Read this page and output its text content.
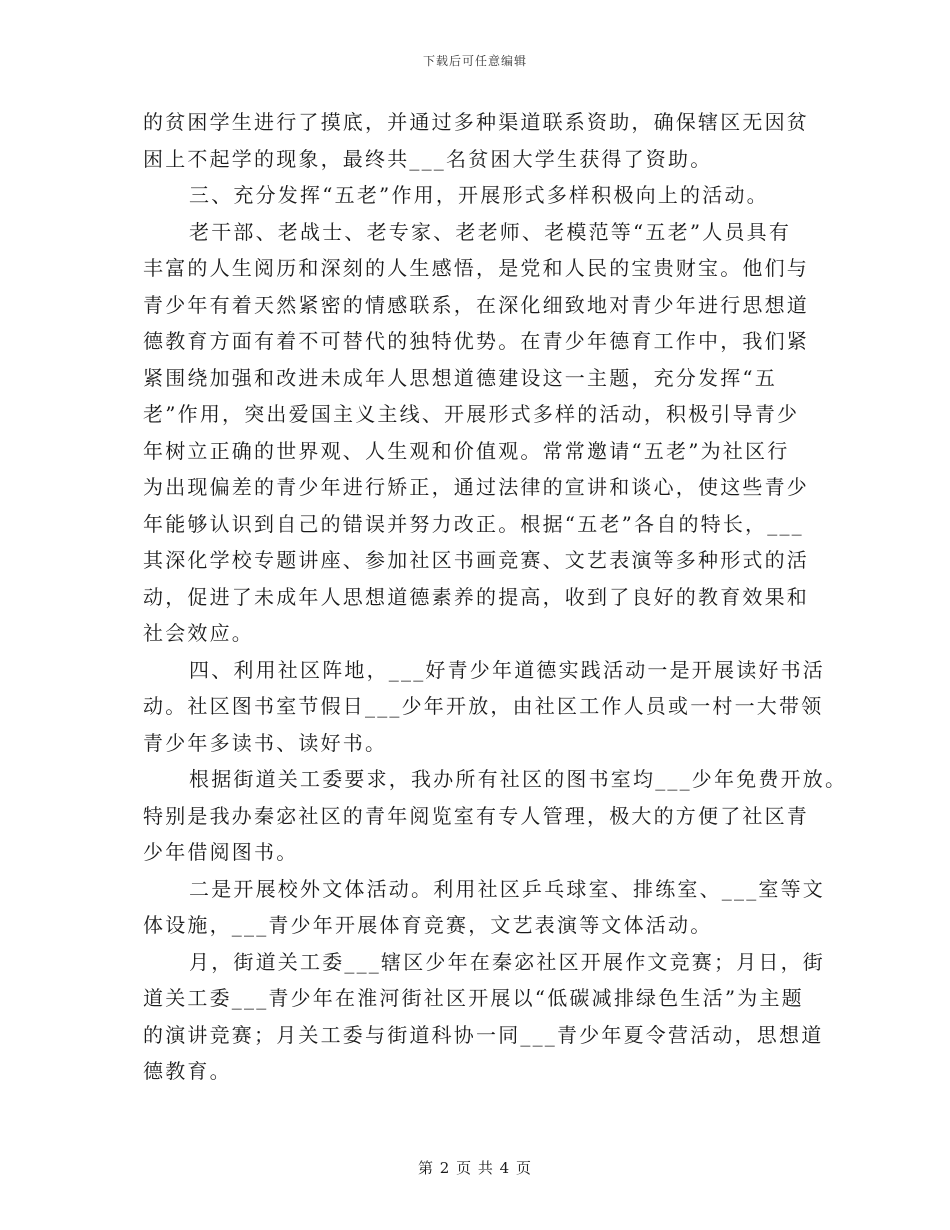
下载后可任意编辑
的贫困学生进行了摸底，并通过多种渠道联系资助，确保辖区无因贫
困上不起学的现象，最终共___名贫困大学生获得了资助。
三、充分发挥“五老”作用，开展形式多样积极向上的活动。
老干部、老战士、老专家、老老师、老模范等“五老”人员具有
丰富的人生阅历和深刻的人生感悟，是党和人民的宝贵财宝。他们与
青少年有着天然紧密的情感联系，在深化细致地对青少年进行思想道
德教育方面有着不可替代的独特优势。在青少年德育工作中，我们紧
紧围绕加强和改进未成年人思想道德建设这一主题，充分发挥“五
老”作用，突出爱国主义主线、开展形式多样的活动，积极引导青少
年树立正确的世界观、人生观和价值观。常常邀请“五老”为社区行
为出现偏差的青少年进行矫正，通过法律的宣讲和谈心，使这些青少
年能够认识到自己的错误并努力改正。根据“五老”各自的特长，___
其深化学校专题讲座、参加社区书画竞赛、文艺表演等多种形式的活
动，促进了未成年人思想道德素养的提高，收到了良好的教育效果和
社会效应。
四、利用社区阵地，___好青少年道德实践活动一是开展读好书活
动。社区图书室节假日___少年开放，由社区工作人员或一村一大带领
青少年多读书、读好书。
根据街道关工委要求，我办所有社区的图书室均___少年免费开放。
特别是我办秦宓社区的青年阅览室有专人管理，极大的方便了社区青
少年借阅图书。
二是开展校外文体活动。利用社区乒乓球室、排练室、___室等文
体设施，___青少年开展体育竞赛，文艺表演等文体活动。
月，街道关工委___辖区少年在秦宓社区开展作文竞赛；月日，街
道关工委___青少年在淮河街社区开展以“低碳减排绿色生活”为主题
的演讲竞赛；月关工委与街道科协一同___青少年夏令营活动，思想道
德教育。
第 2 页 共 4 页
